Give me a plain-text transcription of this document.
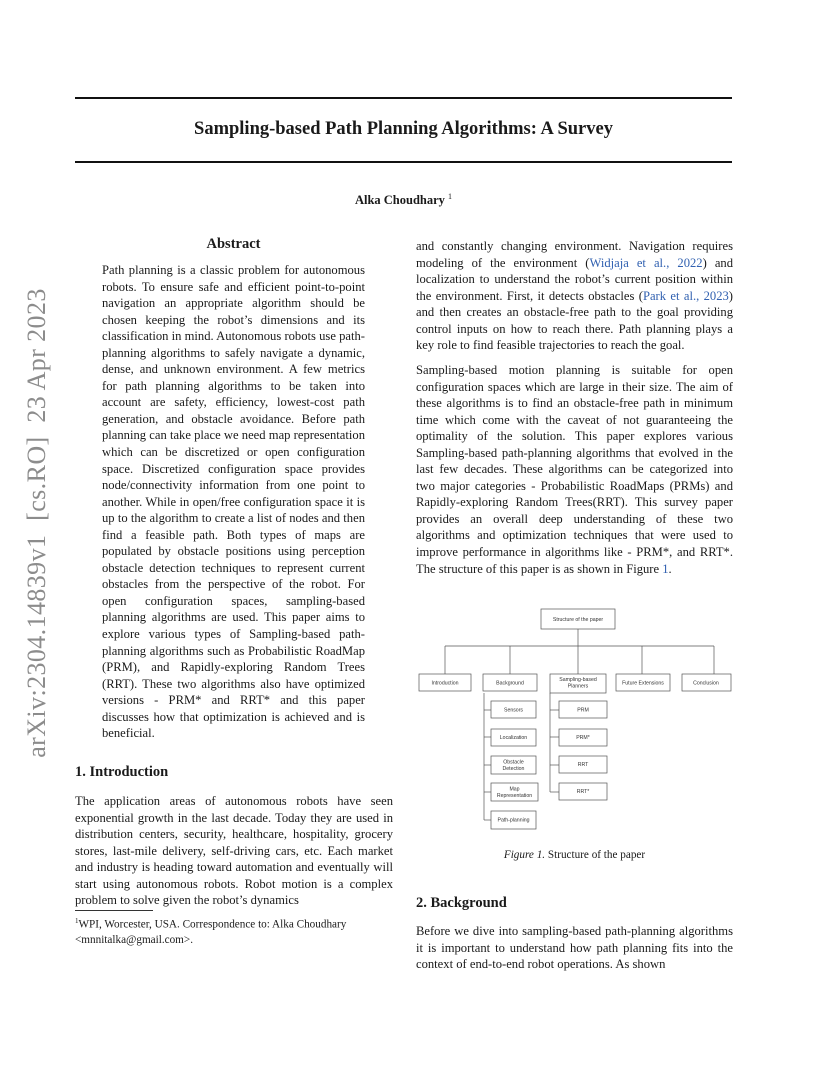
Sampling-based Path Planning Algorithms: A Survey
Alka Choudhary $^1$
arXiv:2304.14839v1  [cs.RO]  23 Apr 2023
Abstract

Path planning is a classic problem for autonomous robots. To ensure safe and efficient point-to-point navigation an appropriate algorithm should be chosen keeping the robot’s dimensions and its classification in mind. Autonomous robots use path-planning algorithms to safely navigate a dynamic, dense, and unknown environment. A few metrics for path planning algorithms to be taken into account are safety, efficiency, lowest-cost path generation, and obstacle avoidance. Before path planning can take place we need map representation which can be discretized or open configuration space. Discretized configuration space provides node/connectivity information from one point to another. While in open/free configuration space it is up to the algorithm to create a list of nodes and then find a feasible path. Both types of maps are populated by obstacle positions using perception obstacle detection techniques to represent current obstacles from the perspective of the robot. For open configuration spaces, sampling-based planning algorithms are used. This paper aims to explore various types of Sampling-based path-planning algorithms such as Probabilistic RoadMap (PRM), and Rapidly-exploring Random Trees (RRT). These two algorithms also have optimized versions - PRM* and RRT* and this paper discusses how that optimization is achieved and is beneficial.

1. Introduction

The application areas of autonomous robots have seen exponential growth in the last decade. Today they are used in distribution centers, security, healthcare, hospitality, grocery stores, last-mile delivery, self-driving cars, etc. Each market and industry is heading toward automation and eventually will start using autonomous robots. Robot motion is a complex problem to solve given the robot’s dynamics

$^1$WPI, Worcester, USA. Correspondence to: Alka Choudhary <mnnitalka@gmail.com>.

and constantly changing environment. Navigation requires modeling of the environment (Widjaja et al., 2022) and localization to understand the robot’s current position within the environment. First, it detects obstacles (Park et al., 2023) and then creates an obstacle-free path to the goal providing control inputs on how to reach there. Path planning plays a key role to find feasible trajectories to reach the goal.

Sampling-based motion planning is suitable for open configuration spaces which are large in their size. The aim of these algorithms is to find an obstacle-free path in minimum time which come with the caveat of not guaranteeing the optimality of the solution. This paper explores various Sampling-based path-planning algorithms that evolved in the last few decades. These algorithms can be categorized into two major categories - Probabilistic RoadMaps (PRMs) and Rapidly-exploring Random Trees(RRT). This survey paper provides an overall deep understanding of these two algorithms and optimization techniques that were used to improve performance in algorithms like - PRM*, and RRT*. The structure of this paper is as shown in Figure 1.

Structure of the paper
Introduction	Background
Sampling-based
Planners	Future Extensions	Conclusion
Sensors
Localization
Obstacle
Detection
Map
Representation
Path-planning
PRM
PRM*
RRT
RRT*
Figure 1. Structure of the paper
2. Background

Before we dive into sampling-based path-planning algorithms it is important to understand how path planning fits into the context of end-to-end robot operations. As shown
